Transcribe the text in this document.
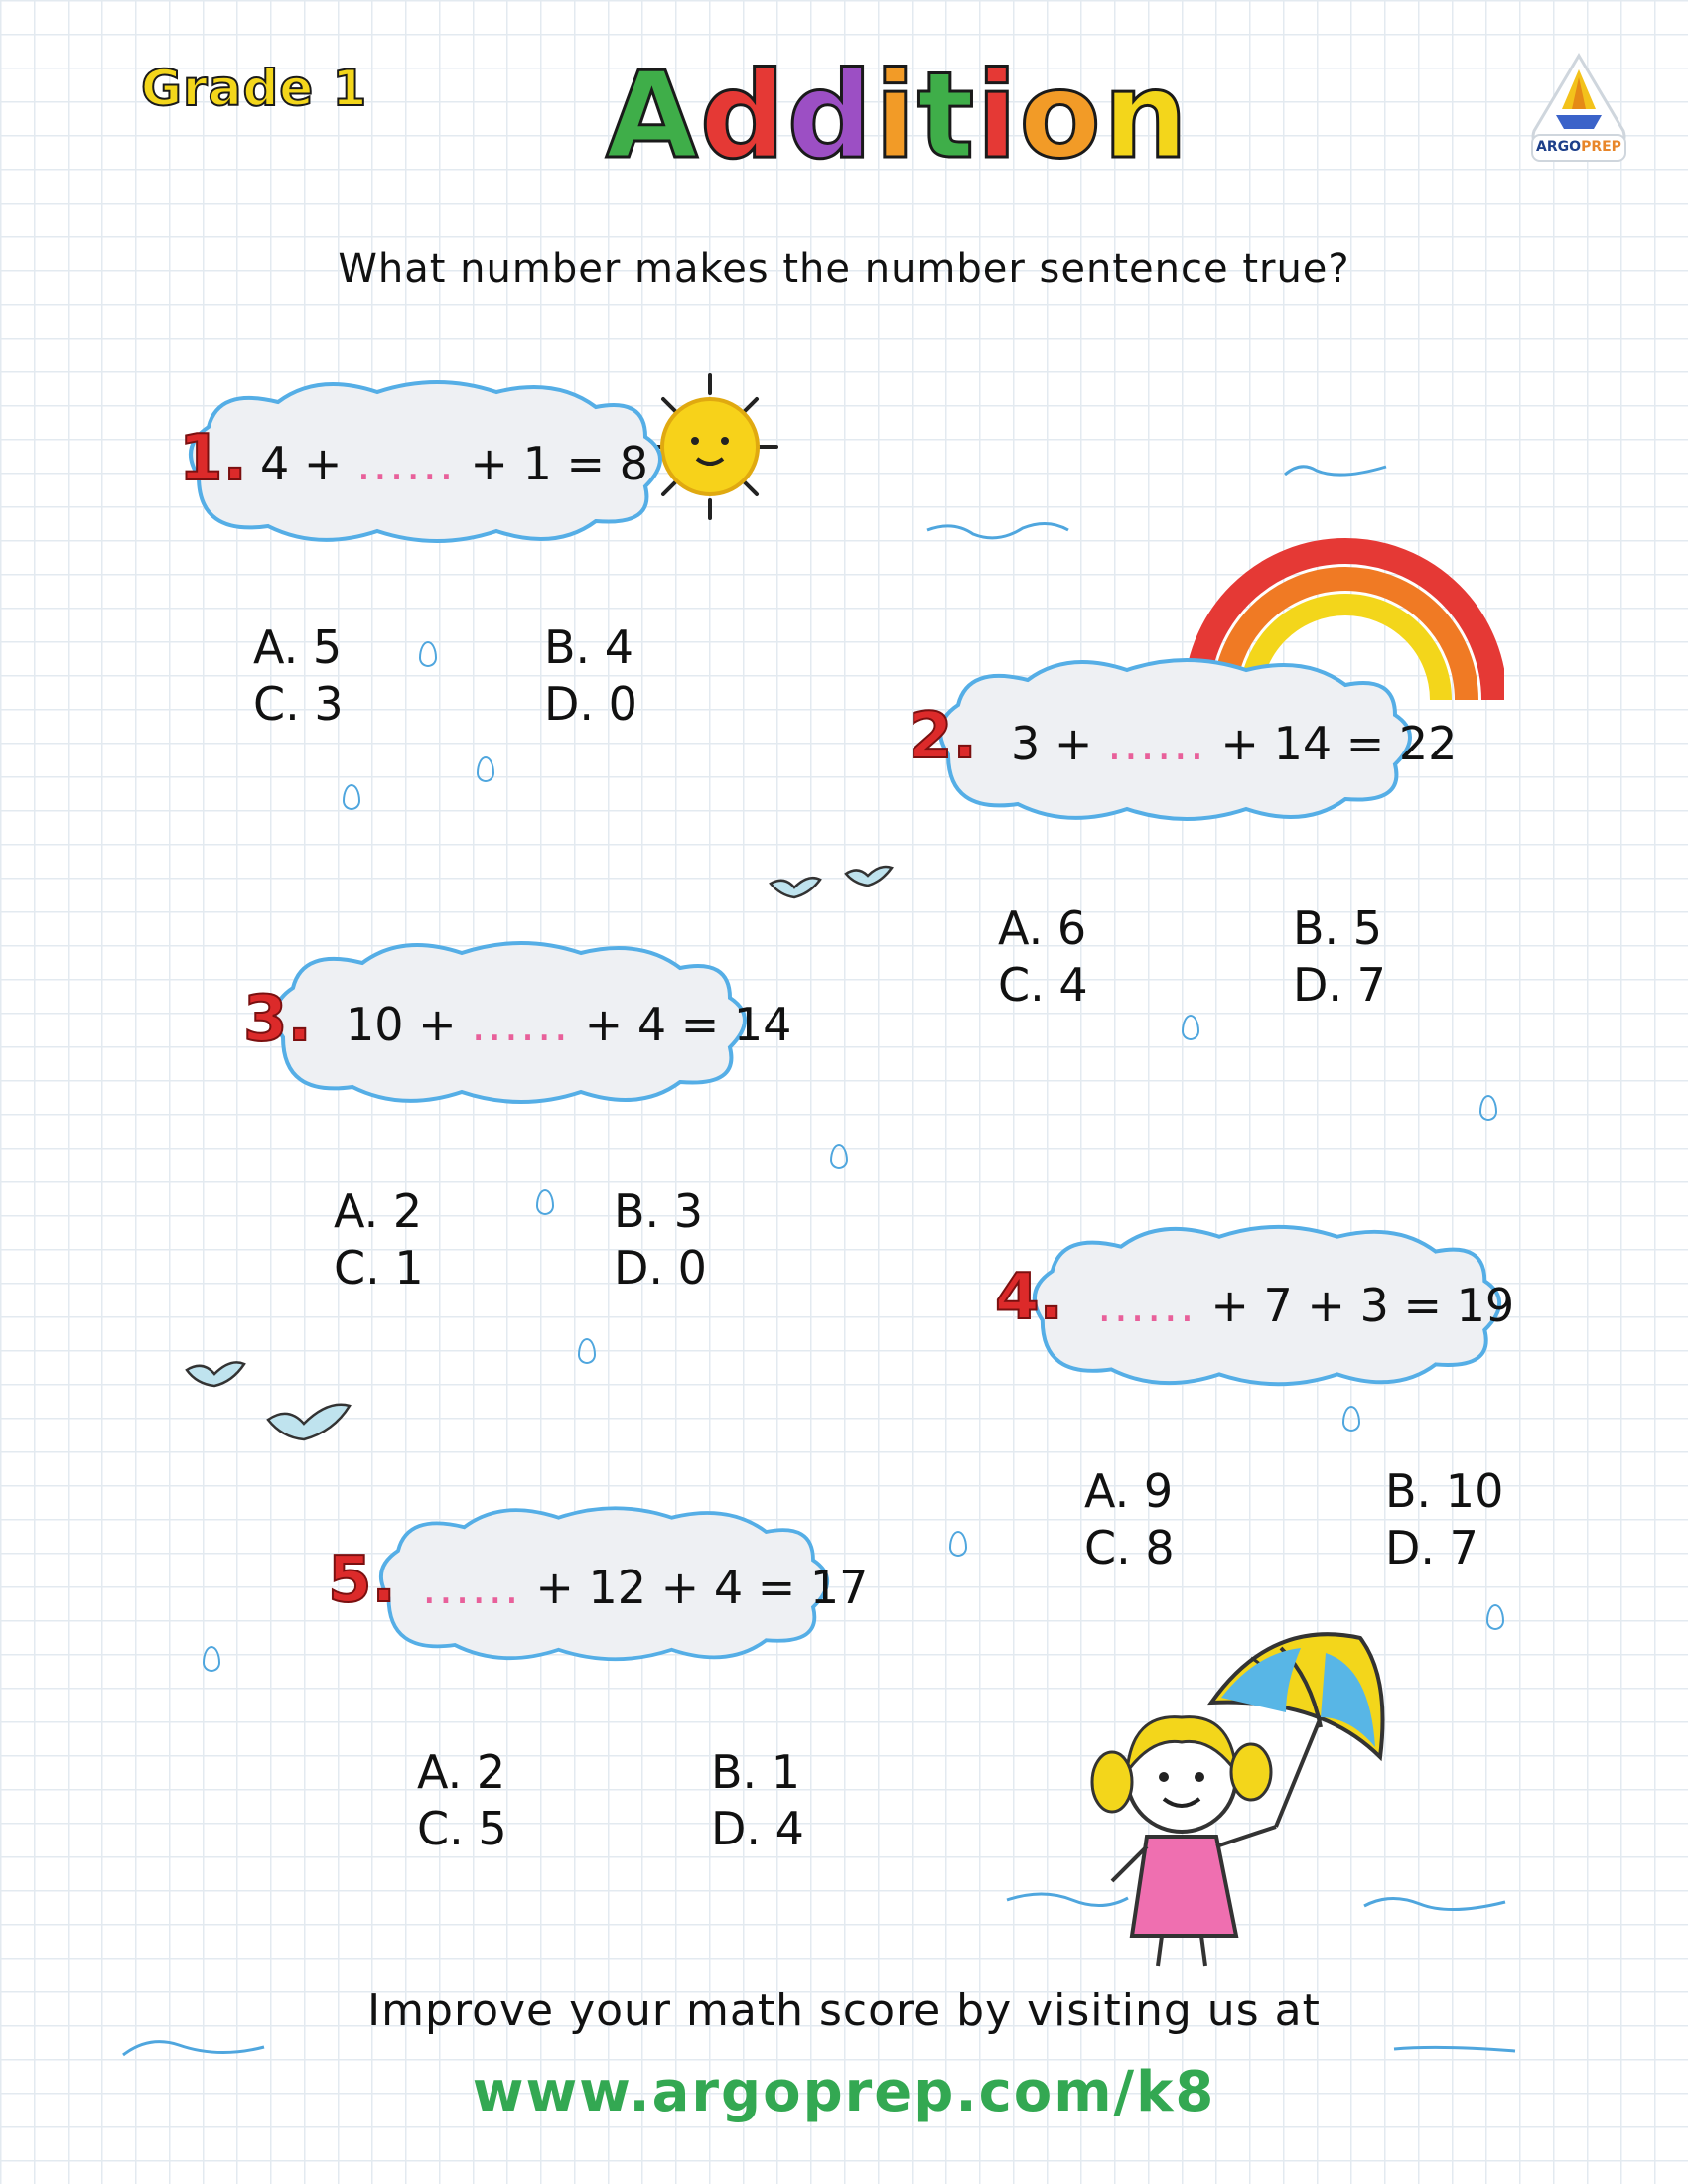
Grade 1 Addition	ARGOPREP
What number makes the number sentence true?
1. 4 + ...... + 1 = 8
A. 5	B. 4
C. 3	D. 0	2. 3 + ...... + 14 = 22
A. 6	B. 5
C. 4	D. 7
3. 10 + ...... + 4 = 14
A. 2	B. 3
C. 1	D. 0	4. ...... + 7 + 3 = 19
A. 9	B. 10
C. 8	D. 7
5. ...... + 12 + 4 = 17
A. 2	B. 1
C. 5	D. 4
Improve your math score by visiting us at
www.argoprep.com/k8
